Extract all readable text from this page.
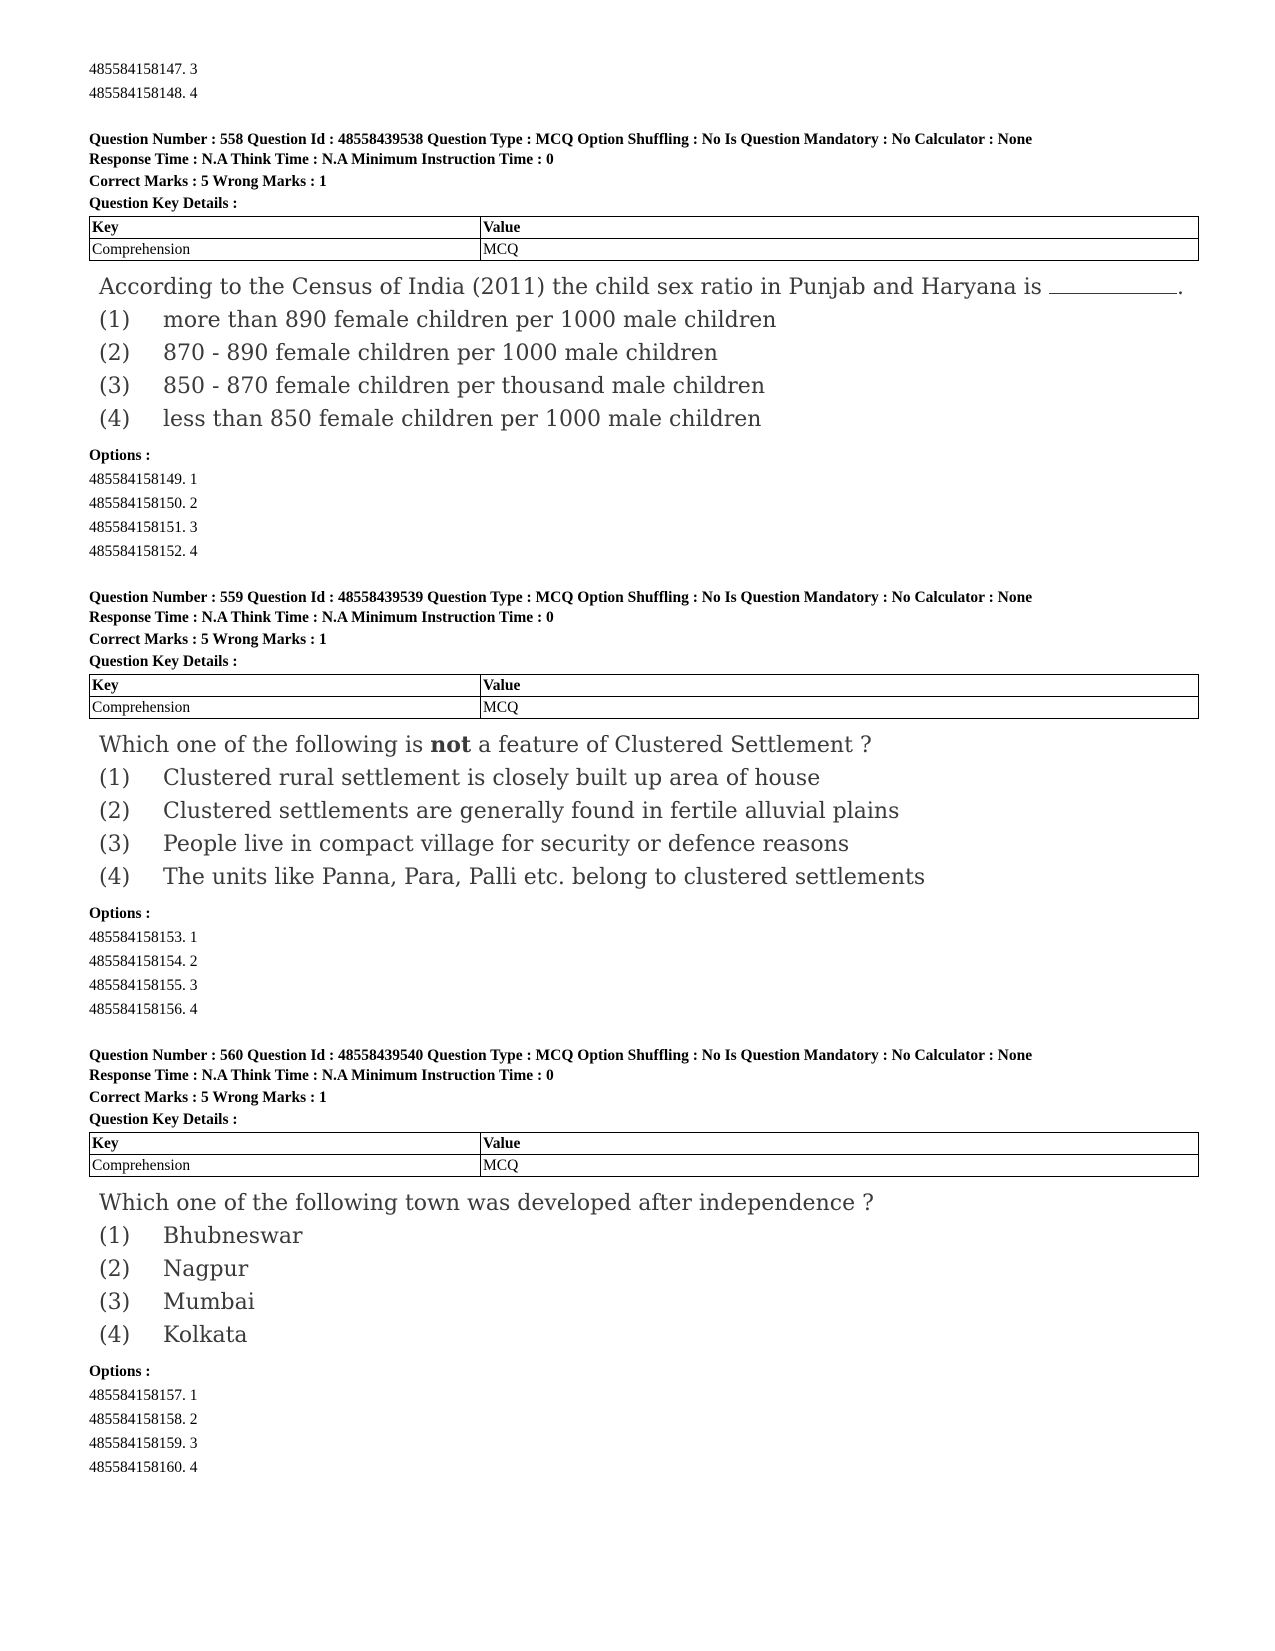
485584158147. 3
485584158148. 4
Question Number : 558 Question Id : 48558439538 Question Type : MCQ Option Shuffling : No Is Question Mandatory : No Calculator : None
Response Time : N.A Think Time : N.A Minimum Instruction Time : 0
Correct Marks : 5 Wrong Marks : 1
Question Key Details :
Key	Value
Comprehension	MCQ
According to the Census of India (2011) the child sex ratio in Punjab and Haryana is	.
(1)	more than 890 female children per 1000 male children
(2)	870 - 890 female children per 1000 male children
(3)	850 - 870 female children per thousand male children
(4)	less than 850 female children per 1000 male children
Options :
485584158149. 1
485584158150. 2
485584158151. 3
485584158152. 4
Question Number : 559 Question Id : 48558439539 Question Type : MCQ Option Shuffling : No Is Question Mandatory : No Calculator : None
Response Time : N.A Think Time : N.A Minimum Instruction Time : 0
Correct Marks : 5 Wrong Marks : 1
Question Key Details :
Key	Value
Comprehension	MCQ
Which one of the following is not a feature of Clustered Settlement ?
(1)	Clustered rural settlement is closely built up area of house
(2)	Clustered settlements are generally found in fertile alluvial plains
(3)	People live in compact village for security or defence reasons
(4)	The units like Panna, Para, Palli etc. belong to clustered settlements
Options :
485584158153. 1
485584158154. 2
485584158155. 3
485584158156. 4
Question Number : 560 Question Id : 48558439540 Question Type : MCQ Option Shuffling : No Is Question Mandatory : No Calculator : None
Response Time : N.A Think Time : N.A Minimum Instruction Time : 0
Correct Marks : 5 Wrong Marks : 1
Question Key Details :
Key	Value
Comprehension	MCQ
Which one of the following town was developed after independence ?
(1)	Bhubneswar
(2)	Nagpur
(3)	Mumbai
(4)	Kolkata
Options :
485584158157. 1
485584158158. 2
485584158159. 3
485584158160. 4
